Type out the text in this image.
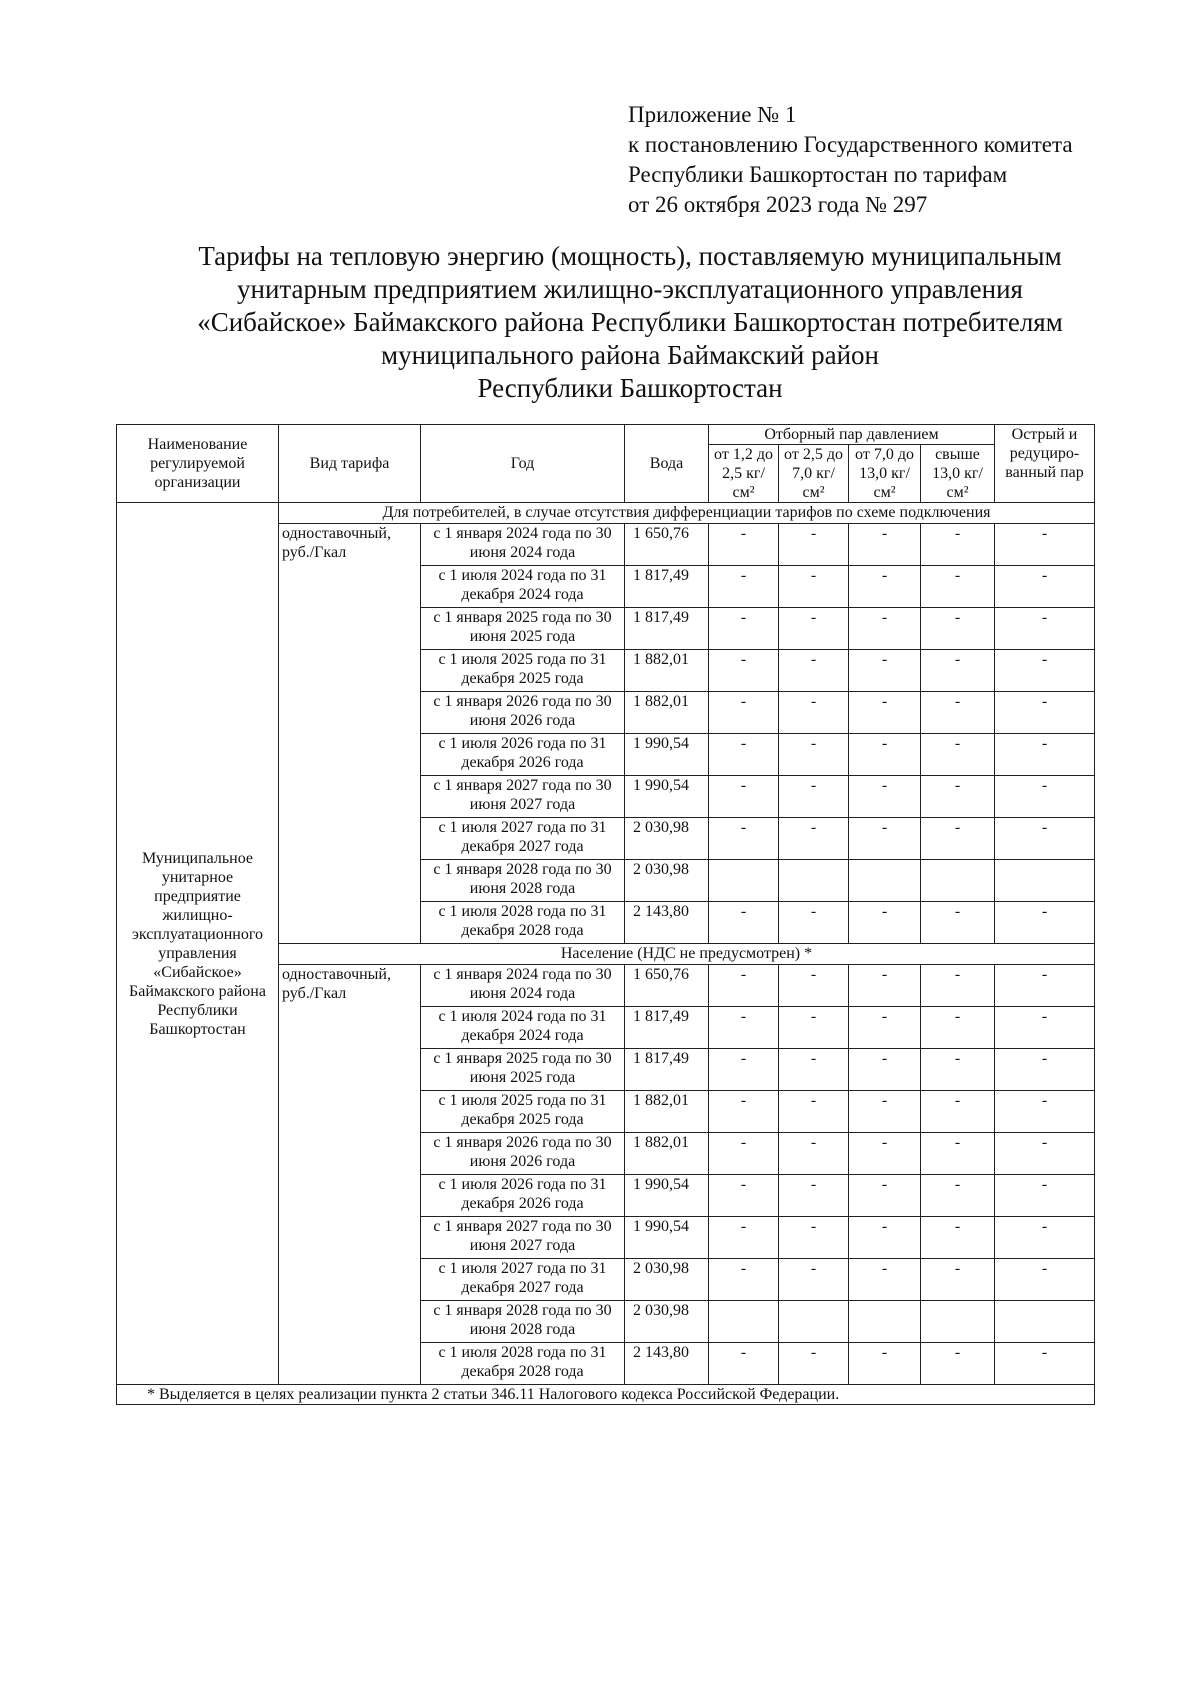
Приложение № 1
к постановлению Государственного комитета
Республики Башкортостан по тарифам
от 26 октября 2023 года № 297
Тарифы на тепловую энергию (мощность), поставляемую муниципальным
унитарным предприятием жилищно-эксплуатационного управления
«Сибайское» Баймакского района Республики Башкортостан потребителям
муниципального района Баймакский район
Республики Башкортостан
Наименование регулируемой организации	Вид тарифа	Год	Вода	Отборный пар давлением				Острый и редуциро-ванный пар
				от 1,2 до 2,5 кг/см²	от 2,5 до 7,0 кг/см²	от 7,0 до 13,0 кг/см²	свыше 13,0 кг/см²	
Муниципальное унитарное предприятие жилищно-эксплуатационного управления «Сибайское» Баймакского района Республики Башкортостан	Для потребителей, в случае отсутствия дифференциации тарифов по схеме подключения							
	одноставочный, руб./Гкал	с 1 января 2024 года по 30 июня 2024 года	1 650,76	-	-	-	-	-
		с 1 июля 2024 года по 31 декабря 2024 года	1 817,49	-	-	-	-	-
		с 1 января 2025 года по 30 июня 2025 года	1 817,49	-	-	-	-	-
		с 1 июля 2025 года по 31 декабря 2025 года	1 882,01	-	-	-	-	-
		с 1 января 2026 года по 30 июня 2026 года	1 882,01	-	-	-	-	-
		с 1 июля 2026 года по 31 декабря 2026 года	1 990,54	-	-	-	-	-
		с 1 января 2027 года по 30 июня 2027 года	1 990,54	-	-	-	-	-
		с 1 июля 2027 года по 31 декабря 2027 года	2 030,98	-	-	-	-	-
		с 1 января 2028 года по 30 июня 2028 года	2 030,98					
		с 1 июля 2028 года по 31 декабря 2028 года	2 143,80	-	-	-	-	-
	Население (НДС не предусмотрен) *							
	одноставочный, руб./Гкал	с 1 января 2024 года по 30 июня 2024 года	1 650,76	-	-	-	-	-
		с 1 июля 2024 года по 31 декабря 2024 года	1 817,49	-	-	-	-	-
		с 1 января 2025 года по 30 июня 2025 года	1 817,49	-	-	-	-	-
		с 1 июля 2025 года по 31 декабря 2025 года	1 882,01	-	-	-	-	-
		с 1 января 2026 года по 30 июня 2026 года	1 882,01	-	-	-	-	-
		с 1 июля 2026 года по 31 декабря 2026 года	1 990,54	-	-	-	-	-
		с 1 января 2027 года по 30 июня 2027 года	1 990,54	-	-	-	-	-
		с 1 июля 2027 года по 31 декабря 2027 года	2 030,98	-	-	-	-	-
		с 1 января 2028 года по 30 июня 2028 года	2 030,98					
		с 1 июля 2028 года по 31 декабря 2028 года	2 143,80	-	-	-	-	-
* Выделяется в целях реализации пункта 2 статьи 346.11 Налогового кодекса Российской Федерации.								
